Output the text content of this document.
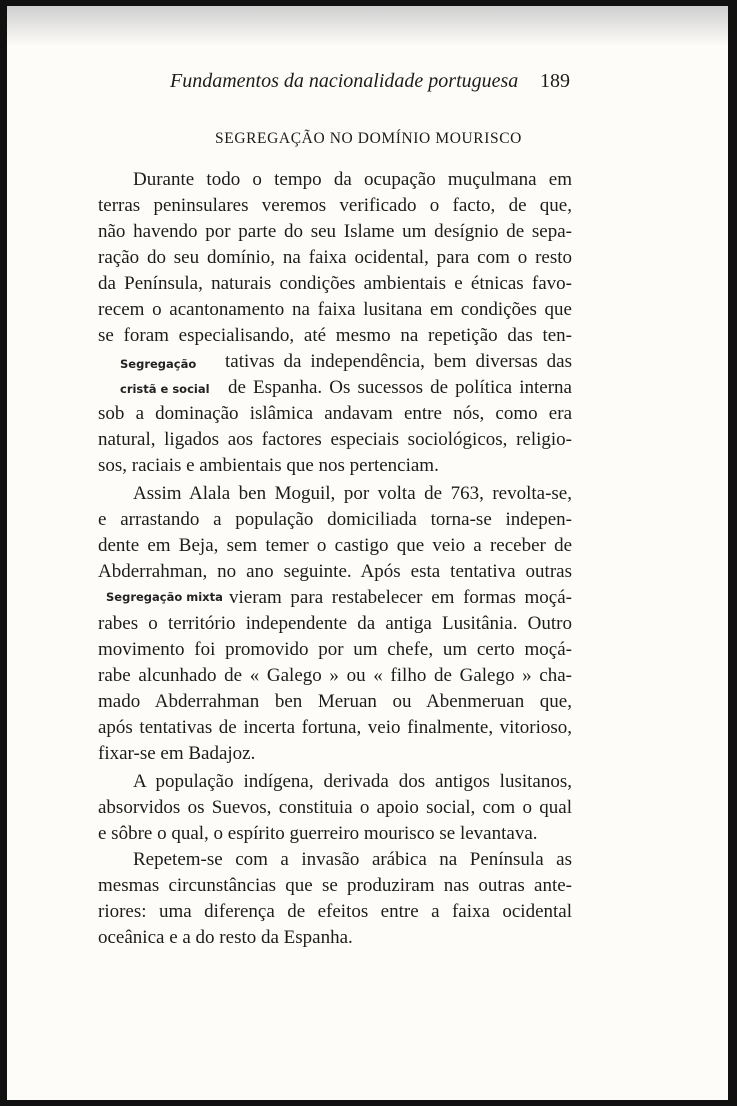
Fundamentos da nacionalidade portuguesa 189
SEGREGAÇÃO NO DOMÍNIO MOURISCO
Durante todo o tempo da ocupação muçulmana em
terras peninsulares veremos verificado o facto, de que,
não havendo por parte do seu Islame um desígnio de sepa-
ração do seu domínio, na faixa ocidental, para com o resto
da Península, naturais condições ambientais e étnicas favo-
recem o acantonamento na faixa lusitana em condições que
se foram especialisando, até mesmo na repetição das ten-
Segregação tativas da independência, bem diversas das
cristã e social de Espanha. Os sucessos de política interna
sob a dominação islâmica andavam entre nós, como era
natural, ligados aos factores especiais sociológicos, religio-
sos, raciais e ambientais que nos pertenciam.
Assim Alala ben Moguil, por volta de 763, revolta-se,
e arrastando a população domiciliada torna-se indepen-
dente em Beja, sem temer o castigo que veio a receber de
Abderrahman, no ano seguinte. Após esta tentativa outras
Segregação mixta vieram para restabelecer em formas moçá-
rabes o território independente da antiga Lusitânia. Outro
movimento foi promovido por um chefe, um certo moçá-
rabe alcunhado de « Galego » ou « filho de Galego » cha-
mado Abderrahman ben Meruan ou Abenmeruan que,
após tentativas de incerta fortuna, veio finalmente, vitorioso,
fixar-se em Badajoz.
A população indígena, derivada dos antigos lusitanos,
absorvidos os Suevos, constituia o apoio social, com o qual
e sôbre o qual, o espírito guerreiro mourisco se levantava.
Repetem-se com a invasão arábica na Península as
mesmas circunstâncias que se produziram nas outras ante-
riores: uma diferença de efeitos entre a faixa ocidental
oceânica e a do resto da Espanha.
